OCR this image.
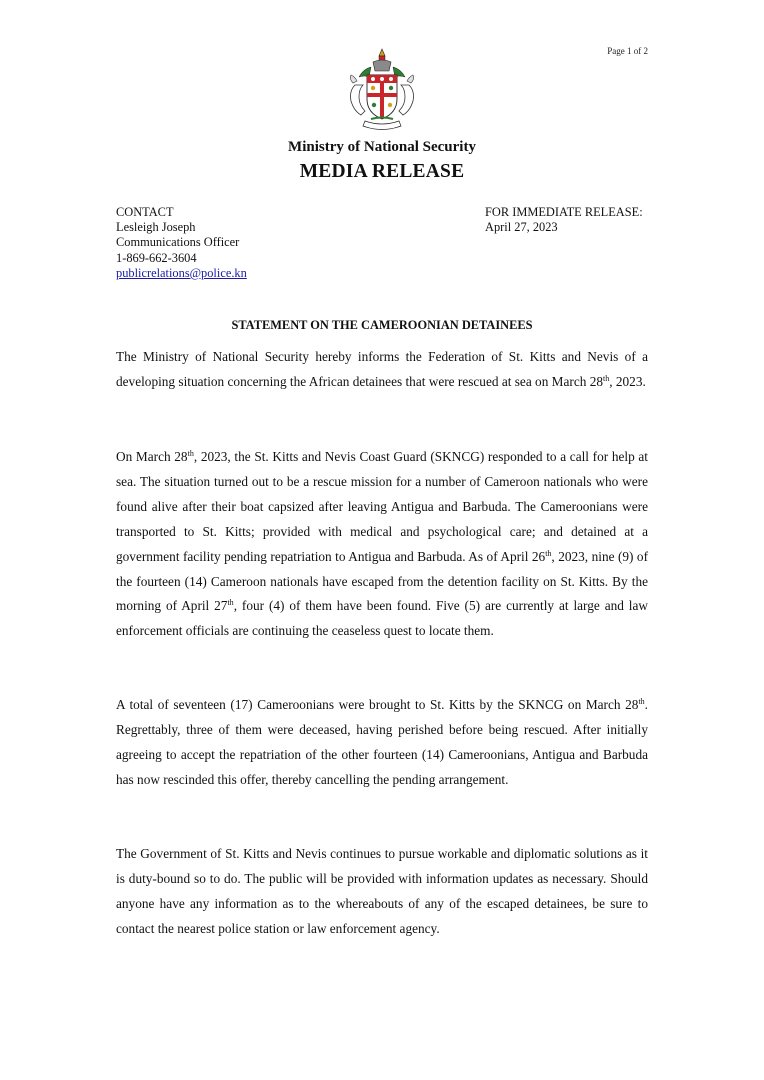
Page 1 of 2
Ministry of National Security
MEDIA RELEASE
CONTACT
Lesleigh Joseph
Communications Officer
1-869-662-3604
publicrelations@police.kn
FOR IMMEDIATE RELEASE:
April 27, 2023
STATEMENT ON THE CAMEROONIAN DETAINEES

The Ministry of National Security hereby informs the Federation of St. Kitts and Nevis of a developing situation concerning the African detainees that were rescued at sea on March 28th, 2023.

On March 28th, 2023, the St. Kitts and Nevis Coast Guard (SKNCG) responded to a call for help at sea. The situation turned out to be a rescue mission for a number of Cameroon nationals who were found alive after their boat capsized after leaving Antigua and Barbuda. The Cameroonians were transported to St. Kitts; provided with medical and psychological care; and detained at a government facility pending repatriation to Antigua and Barbuda. As of April 26th, 2023, nine (9) of the fourteen (14) Cameroon nationals have escaped from the detention facility on St. Kitts. By the morning of April 27th, four (4) of them have been found. Five (5) are currently at large and law enforcement officials are continuing the ceaseless quest to locate them.

A total of seventeen (17) Cameroonians were brought to St. Kitts by the SKNCG on March 28th. Regrettably, three of them were deceased, having perished before being rescued. After initially agreeing to accept the repatriation of the other fourteen (14) Cameroonians, Antigua and Barbuda has now rescinded this offer, thereby cancelling the pending arrangement.

The Government of St. Kitts and Nevis continues to pursue workable and diplomatic solutions as it is duty-bound so to do. The public will be provided with information updates as necessary. Should anyone have any information as to the whereabouts of any of the escaped detainees, be sure to contact the nearest police station or law enforcement agency.
